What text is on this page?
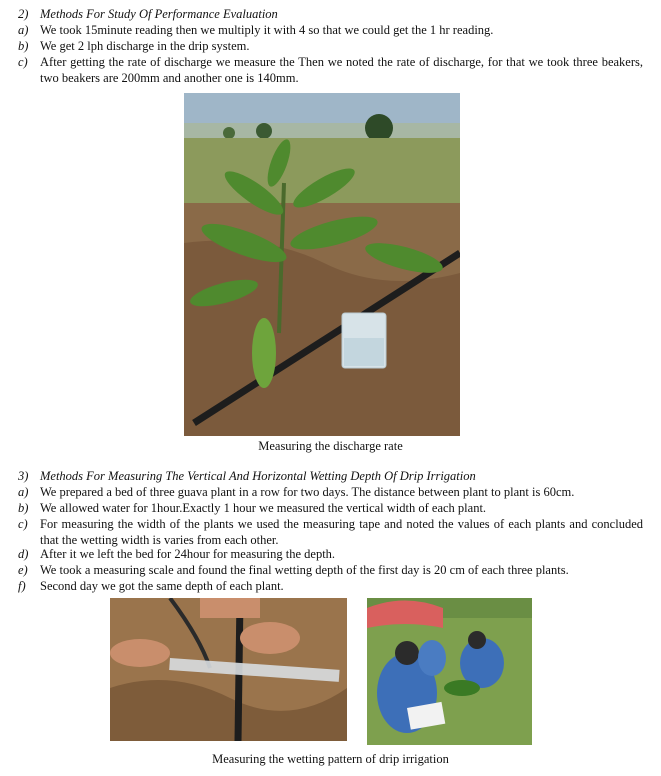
2) Methods For Study Of Performance Evaluation
a) We took 15minute reading then we multiply it with 4 so that we could get the 1 hr reading.
b) We get 2 lph discharge in the drip system.
c) After getting the rate of discharge we measure the Then we noted the rate of discharge, for that we took three beakers, two beakers are 200mm and another one is 140mm.
Measuring the discharge rate
3) Methods For Measuring The Vertical And Horizontal Wetting Depth Of Drip Irrigation
a) We prepared a bed of three guava plant in a row for two days. The distance between plant to plant is 60cm.
b) We allowed water for 1hour.Exactly 1 hour we measured the vertical width of each plant.
c) For measuring the width of the plants we used the measuring tape and noted the values of each plants and concluded that the wetting width is varies from each other.
d) After it we left the bed for 24hour for measuring the depth.
e) We took a measuring scale and found the final wetting depth of the first day is 20 cm of each three plants.
f) Second day we got the same depth of each plant.
Measuring the wetting pattern of drip irrigation
